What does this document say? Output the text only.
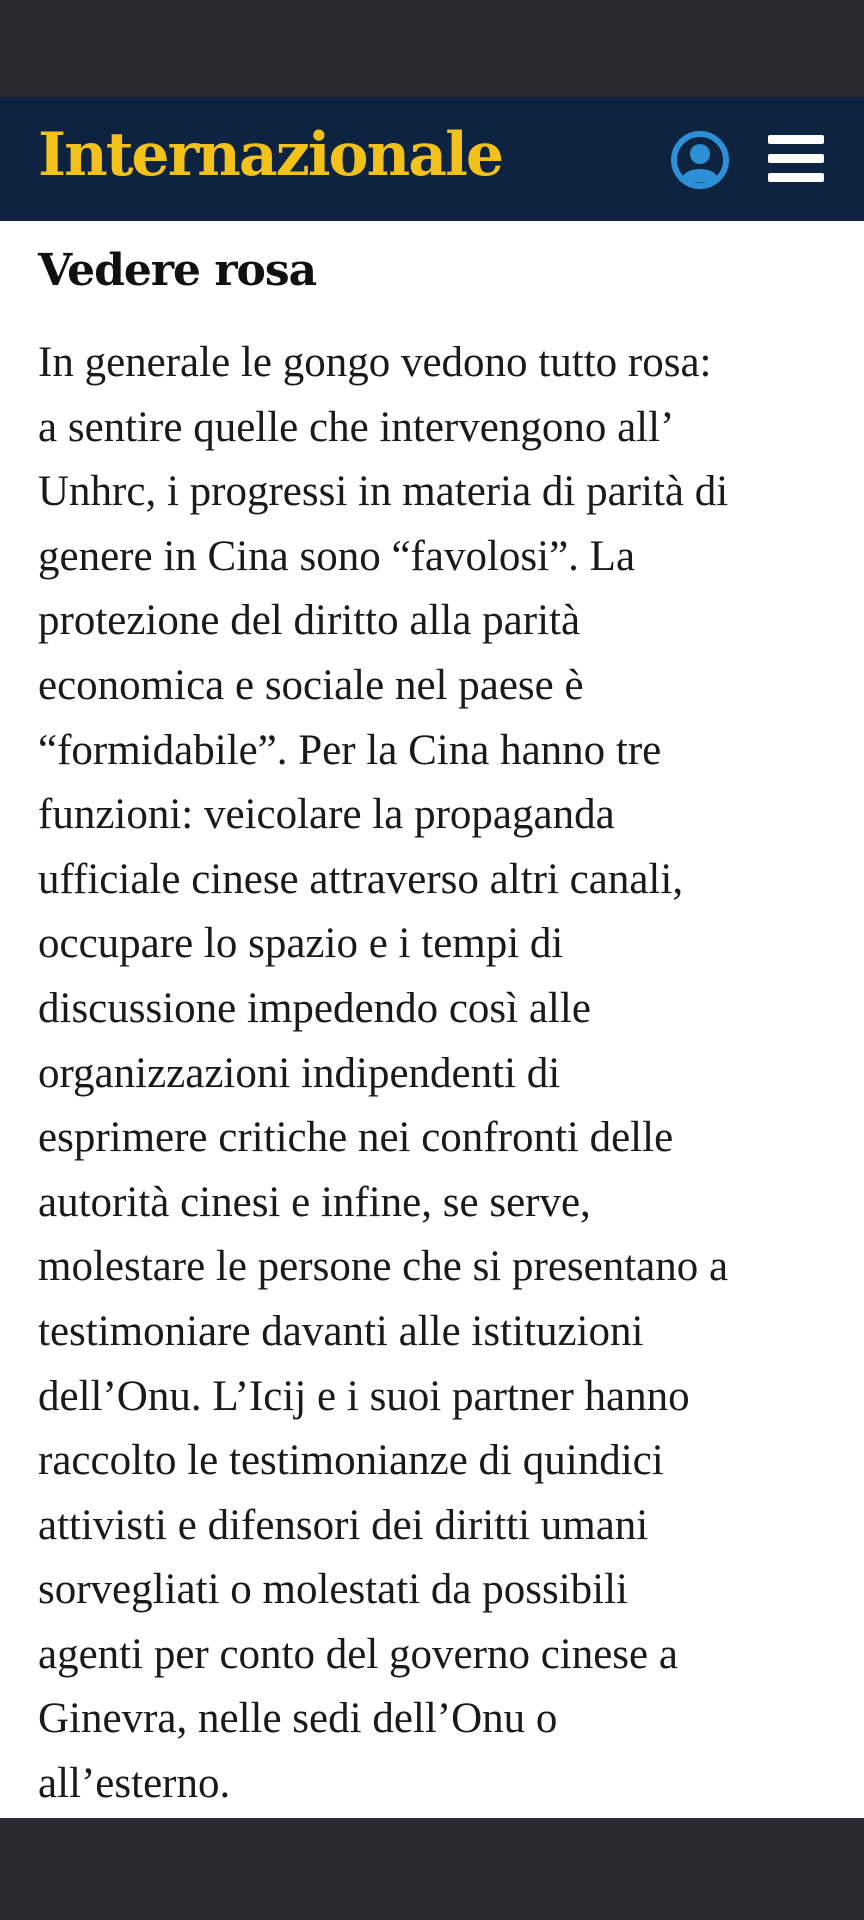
Internazionale
Vedere rosa

In generale le gongo vedono tutto rosa:
a sentire quelle che intervengono all’
Unhrc, i progressi in materia di parità di
genere in Cina sono “favolosi”. La
protezione del diritto alla parità
economica e sociale nel paese è
“formidabile”. Per la Cina hanno tre
funzioni: veicolare la propaganda
ufficiale cinese attraverso altri canali,
occupare lo spazio e i tempi di
discussione impedendo così alle
organizzazioni indipendenti di
esprimere critiche nei confronti delle
autorità cinesi e infine, se serve,
molestare le persone che si presentano a
testimoniare davanti alle istituzioni
dell’Onu. L’Icij e i suoi partner hanno
raccolto le testimonianze di quindici
attivisti e difensori dei diritti umani
sorvegliati o molestati da possibili
agenti per conto del governo cinese a
Ginevra, nelle sedi dell’Onu o
all’esterno.
